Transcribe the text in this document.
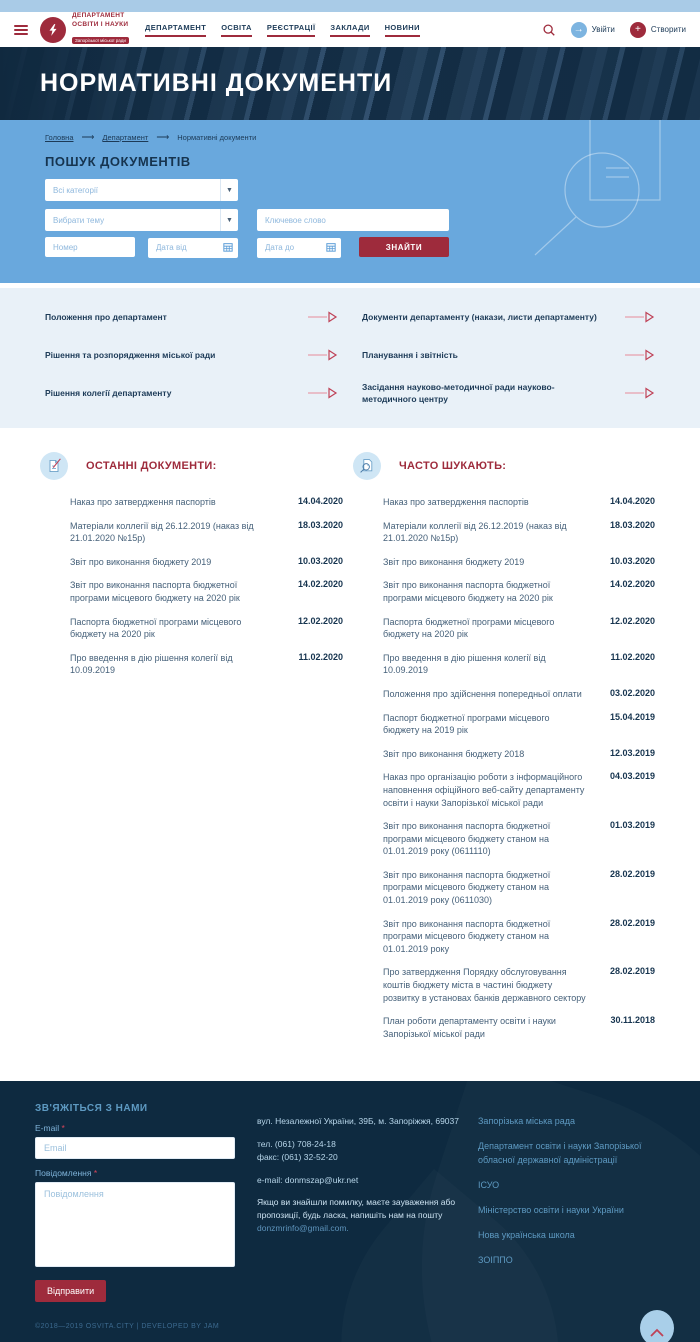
ДЕПАРТАМЕНТ
ОСВІТИ І НАУКИ
Запорізької міської ради
ДЕПАРТАМЕНТ ОСВІТА РЕЄСТРАЦІЇ ЗАКЛАДИ НОВИНИ	→	Увійти	+	Створити
НОРМАТИВНІ ДОКУМЕНТИ
Головна ⟶ Департамент ⟶ Нормативні документи
ПОШУК ДОКУМЕНТІВ
Всі категорії	▼
Вибрати тему	▼
Ключевое слово
Номер
Дата від
Дата до
ЗНАЙТИ
Положення про департамент	Документи департаменту (накази, листи департаменту)
Рішення та розпорядження міської ради	Планування і звітність
Рішення колегії департаменту
Засідання науково-методичної ради науково-методичного центру
ОСТАННІ ДОКУМЕНТИ:
Наказ про затвердження паспортів	14.04.2020
Матеріали коллегії від 26.12.2019 (наказ від 21.01.2020 №15р)
18.03.2020
Звіт про виконання бюджету 2019	10.03.2020
Звіт про виконання паспорта бюджетної програми місцевого бюджету на 2020 рік
14.02.2020
Паспорта бюджетної програми місцевого бюджету на 2020 рік
12.02.2020
Про введення в дію рішення колегії від 10.09.2019
11.02.2020
ЧАСТО ШУКАЮТЬ:
Наказ про затвердження паспортів	14.04.2020
Матеріали коллегії від 26.12.2019 (наказ від 21.01.2020 №15р)
18.03.2020
Звіт про виконання бюджету 2019	10.03.2020
Звіт про виконання паспорта бюджетної програми місцевого бюджету на 2020 рік
14.02.2020
Паспорта бюджетної програми місцевого бюджету на 2020 рік
12.02.2020
Про введення в дію рішення колегії від 10.09.2019
11.02.2020
Положення про здійснення попередньої оплати	03.02.2020
Паспорт бюджетної програми місцевого бюджету на 2019 рік
15.04.2019
Звіт про виконання бюджету 2018	12.03.2019
Наказ про організацію роботи з інформаційного наповнення офіційного веб-сайту департаменту освіти і науки Запорізької міської ради
04.03.2019
Звіт про виконання паспорта бюджетної програми місцевого бюджету станом на 01.01.2019 року (0611110)
01.03.2019
Звіт про виконання паспорта бюджетної програми місцевого бюджету станом на 01.01.2019 року (0611030)
28.02.2019
Звіт про виконання паспорта бюджетної програми місцевого бюджету станом на 01.01.2019 року
28.02.2019
Про затвердження Порядку обслуговування коштів бюджету міста в частині бюджету розвитку в установах банків державного сектору
28.02.2019
План роботи департаменту освіти і науки Запорізької міської ради
30.11.2018
ЗВ'ЯЖІТЬСЯ З НАМИ
E-mail *
Email
Повідомлення *
Повідомлення Відправити

вул. Незалежної України, 39Б, м. Запоріжжя, 69037

тел. (061) 708-24-18
факс: (061) 32-52-20

e-mail: donmszap@ukr.net

Якщо ви знайшли помилку, маєте зауваження або пропозиції, будь ласка, напишіть нам на пошту donzmrinfo@gmail.com.

Запорізька міська рада
Департамент освіти і науки Запорізької обласної державної адміністрації
ІСУО
Міністерство освіти і науки України
Нова українська школа
ЗОІППО
©2018—2019 OSVITA.CITY | DEVELOPED BY JAM
